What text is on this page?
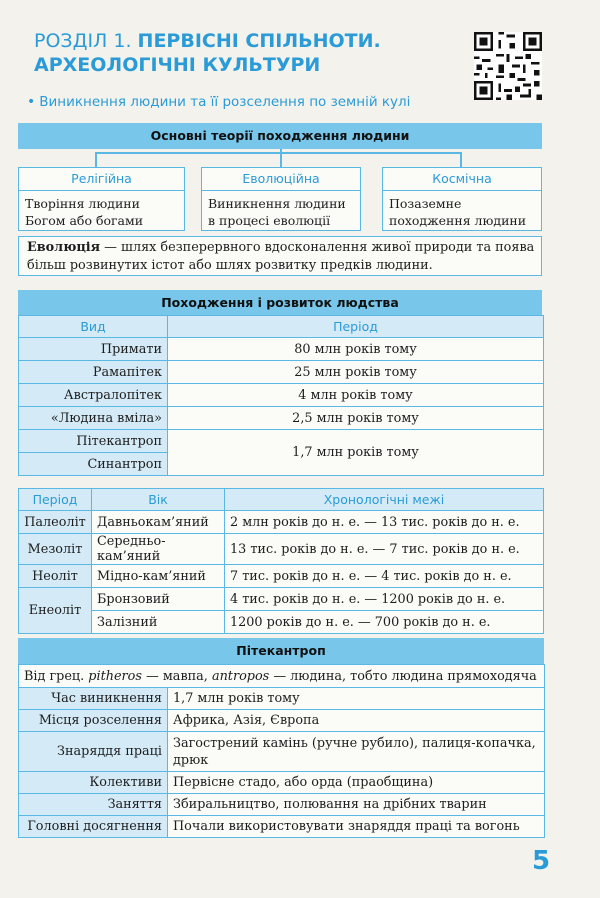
РОЗДІЛ 1. ПЕРВІСНІ СПІЛЬНОТИ.
АРХЕОЛОГІЧНІ КУЛЬТУРИ
• Виникнення людини та її розселення по земній кулі
Основні теорії походження людини
Релігійна
Творіння людини Богом або богами
Еволюційна
Виникнення людини в процесі еволюції
Космічна
Позаземне походження людини
Еволюція — шлях безперервного вдосконалення живої природи та поява більш розвинутих істот або шлях розвитку предків людини.
Походження і розвиток людства
Вид	Період
Примати	80 млн років тому
Рамапітек	25 млн років тому
Австралопітек	4 млн років тому
«Людина вміла»	2,5 млн років тому
Пітекантроп	1,7 млн років тому
Синантроп	
Період	Вік	Хронологічні межі
Палеоліт	Давньокам’яний	2 млн років до н. е. — 13 тис. років до н. е.
Мезоліт	Середньо-кам’яний	13 тис. років до н. е. — 7 тис. років до н. е.
Неоліт	Мідно-кам’яний	7 тис. років до н. е. — 4 тис. років до н. е.
Енеоліт	Бронзовий	4 тис. років до н. е. — 1200 років до н. е.
	Залізний	1200 років до н. е. — 700 років до н. е.
Пітекантроп
Від грец. pitheros — мавпа, antropos — людина, тобто людина прямоходяча	
Час виникнення	1,7 млн років тому
Місця розселення	Африка, Азія, Європа
Знаряддя праці	Загострений камінь (ручне рубило), палиця-копачка, дрюк
Колективи	Первісне стадо, або орда (праобщина)
Заняття	Збиральництво, полювання на дрібних тварин
Головні досягнення	Почали використовувати знаряддя праці та вогонь
5
